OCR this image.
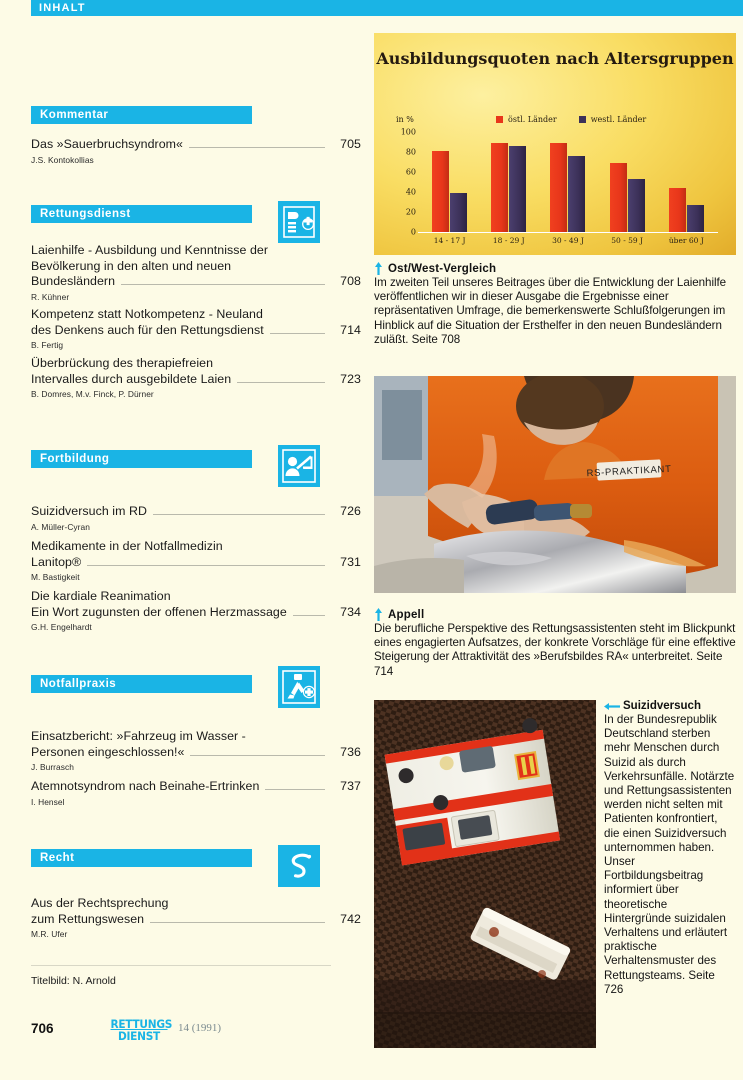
INHALT
Kommentar
Das »Sauerbruchsyndrom«	705
J.S. Kontokollias
Rettungsdienst
Laienhilfe - Ausbildung und Kenntnisse der
Bevölkerung in den alten und neuen
Bundesländern	708
R. Kühner
Kompetenz statt Notkompetenz - Neuland
des Denkens auch für den Rettungsdienst	714
B. Fertig
Überbrückung des therapiefreien
Intervalles durch ausgebildete Laien	723
B. Domres, M.v. Finck, P. Dürner
Fortbildung
Suizidversuch im RD	726
A. Müller-Cyran
Medikamente in der Notfallmedizin
Lanitop®	731
M. Bastigkeit
Die kardiale Reanimation
Ein Wort zugunsten der offenen Herzmassage	734
G.H. Engelhardt
Notfallpraxis
Einsatzbericht: »Fahrzeug im Wasser -
Personen eingeschlossen!«	736
J. Burrasch
Atemnotsyndrom nach Beinahe-Ertrinken	737
I. Hensel
Recht
Aus der Rechtsprechung
zum Rettungswesen	742
M.R. Ufer
Titelbild: N. Arnold
706	RETTUNGS
DIENST
14 (1991)
Ausbildungsquoten nach Altersgruppen
in %	östl. Länder	westl. Länder
100
80
60
40
20
0
14 - 17 J	18 - 29 J	30 - 49 J	50 - 59 J	über 60 J
Ost/West-Vergleich
Im zweiten Teil unseres Beitrages über die Entwicklung der Laienhilfe veröffentlichen wir in dieser Ausgabe die Ergebnisse einer repräsentativen Umfrage, die bemerkenswerte Schlußfolgerungen im Hinblick auf die Situation der Ersthelfer in den neuen Bundesländern zuläßt. Seite 708
RS-PRAKTIKANT
Appell
Die berufliche Perspektive des Rettungsassistenten steht im Blickpunkt eines engagierten Aufsatzes, der konkrete Vorschläge für eine effektive Steigerung der Attraktivität des »Berufsbildes RA« unterbreitet. Seite 714
Suizidversuch
In der Bundesrepublik Deutschland sterben mehr Menschen durch Suizid als durch Verkehrsunfälle. Notärzte und Rettungsassistenten werden nicht selten mit Patienten konfrontiert, die einen Suizidversuch unternommen haben. Unser Fortbildungsbeitrag informiert über theoretische Hintergründe suizidalen Verhaltens und erläutert praktische Verhaltensmuster des Rettungsteams. Seite 726
